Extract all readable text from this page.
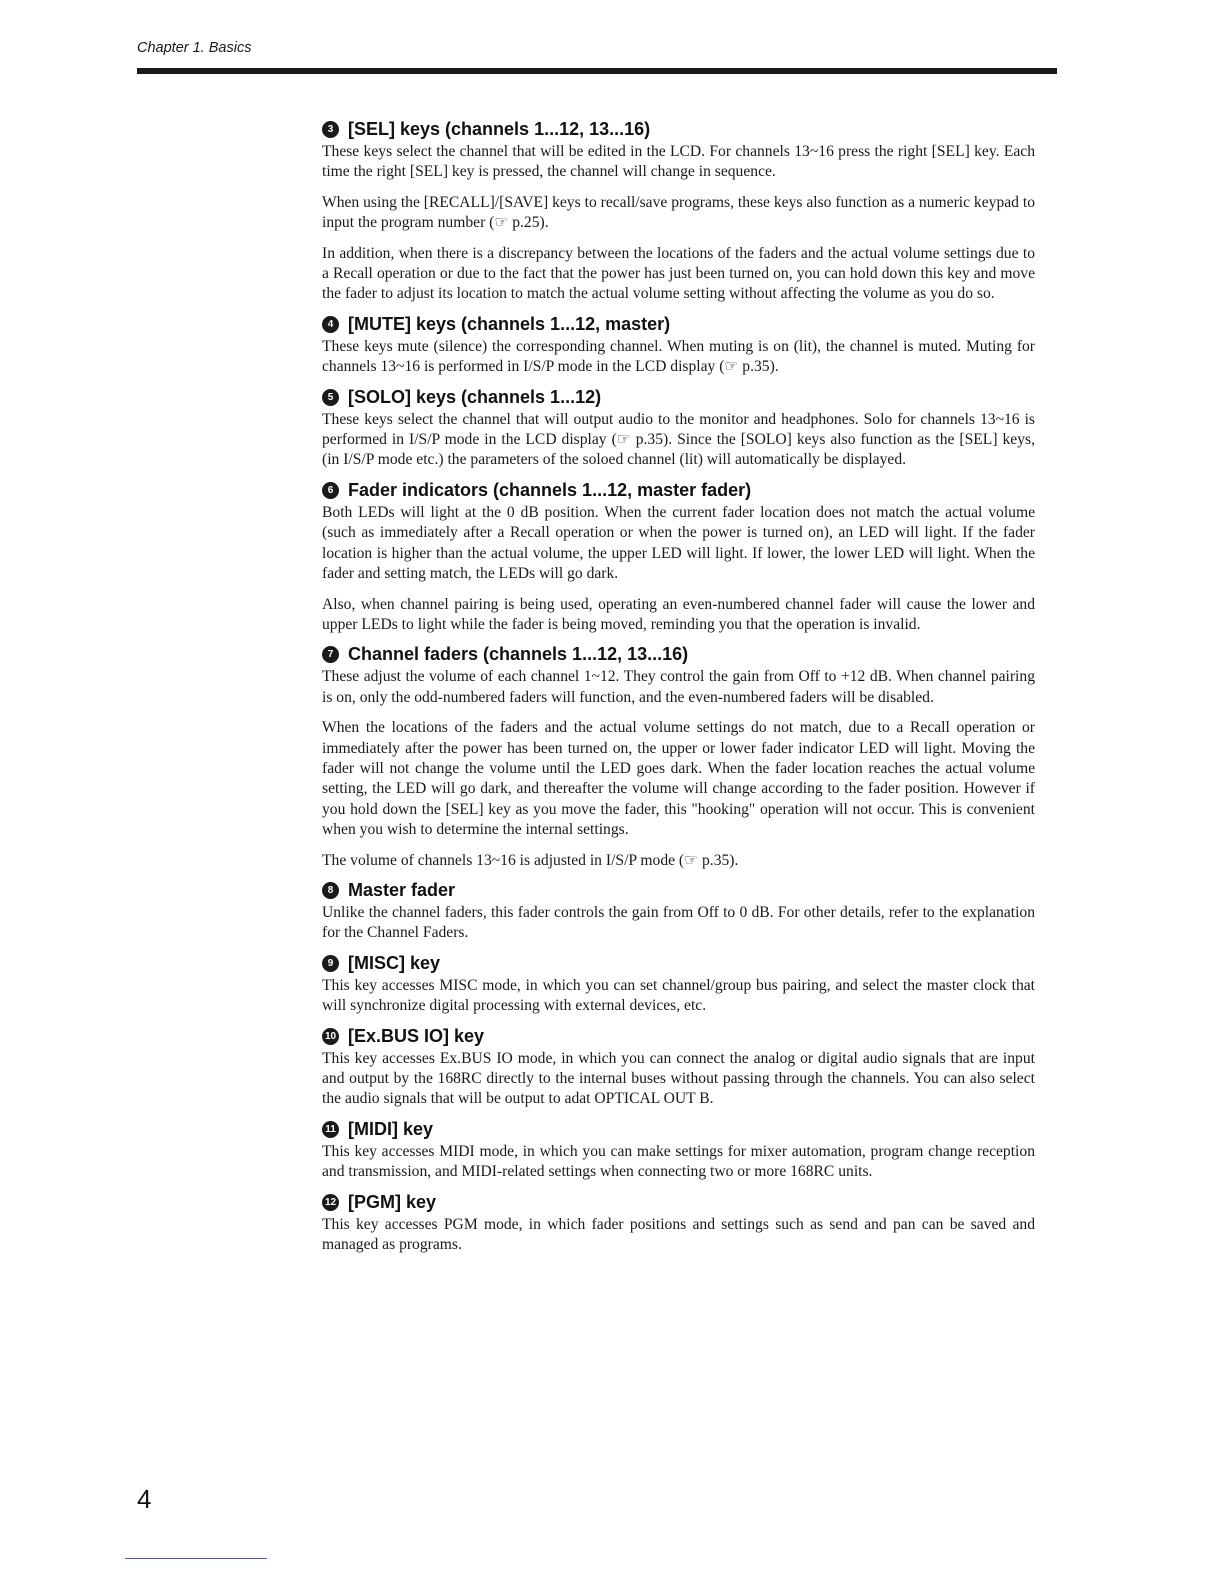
Chapter 1. Basics
3 [SEL] keys (channels 1...12, 13...16)

These keys select the channel that will be edited in the LCD. For channels 13~16 press the right [SEL] key. Each time the right [SEL] key is pressed, the channel will change in sequence.

When using the [RECALL]/[SAVE] keys to recall/save programs, these keys also function as a numeric keypad to input the program number (☞ p.25).

In addition, when there is a discrepancy between the locations of the faders and the actual volume settings due to a Recall operation or due to the fact that the power has just been turned on, you can hold down this key and move the fader to adjust its location to match the actual volume setting without affecting the volume as you do so.

4 [MUTE] keys (channels 1...12, master)

These keys mute (silence) the corresponding channel. When muting is on (lit), the channel is muted. Muting for channels 13~16 is performed in I/S/P mode in the LCD display (☞ p.35).

5 [SOLO] keys (channels 1...12)

These keys select the channel that will output audio to the monitor and headphones. Solo for channels 13~16 is performed in I/S/P mode in the LCD display (☞ p.35). Since the [SOLO] keys also function as the [SEL] keys, (in I/S/P mode etc.) the parameters of the soloed channel (lit) will automatically be displayed.

6 Fader indicators (channels 1...12, master fader)

Both LEDs will light at the 0 dB position. When the current fader location does not match the actual volume (such as immediately after a Recall operation or when the power is turned on), an LED will light. If the fader location is higher than the actual volume, the upper LED will light. If lower, the lower LED will light. When the fader and setting match, the LEDs will go dark.

Also, when channel pairing is being used, operating an even-numbered channel fader will cause the lower and upper LEDs to light while the fader is being moved, reminding you that the operation is invalid.

7 Channel faders (channels 1...12, 13...16)

These adjust the volume of each channel 1~12. They control the gain from Off to +12 dB. When channel pairing is on, only the odd-numbered faders will function, and the even-numbered faders will be disabled.

When the locations of the faders and the actual volume settings do not match, due to a Recall operation or immediately after the power has been turned on, the upper or lower fader indicator LED will light. Moving the fader will not change the volume until the LED goes dark. When the fader location reaches the actual volume setting, the LED will go dark, and thereafter the volume will change according to the fader position. However if you hold down the [SEL] key as you move the fader, this "hooking" operation will not occur. This is convenient when you wish to determine the internal settings.

The volume of channels 13~16 is adjusted in I/S/P mode (☞ p.35).

8 Master fader

Unlike the channel faders, this fader controls the gain from Off to 0 dB. For other details, refer to the explanation for the Channel Faders.

9 [MISC] key

This key accesses MISC mode, in which you can set channel/group bus pairing, and select the master clock that will synchronize digital processing with external devices, etc.

10 [Ex.BUS IO] key

This key accesses Ex.BUS IO mode, in which you can connect the analog or digital audio signals that are input and output by the 168RC directly to the internal buses without passing through the channels. You can also select the audio signals that will be output to adat OPTICAL OUT B.

11 [MIDI] key

This key accesses MIDI mode, in which you can make settings for mixer automation, program change reception and transmission, and MIDI-related settings when connecting two or more 168RC units.

12 [PGM] key

This key accesses PGM mode, in which fader positions and settings such as send and pan can be saved and managed as programs.

4
